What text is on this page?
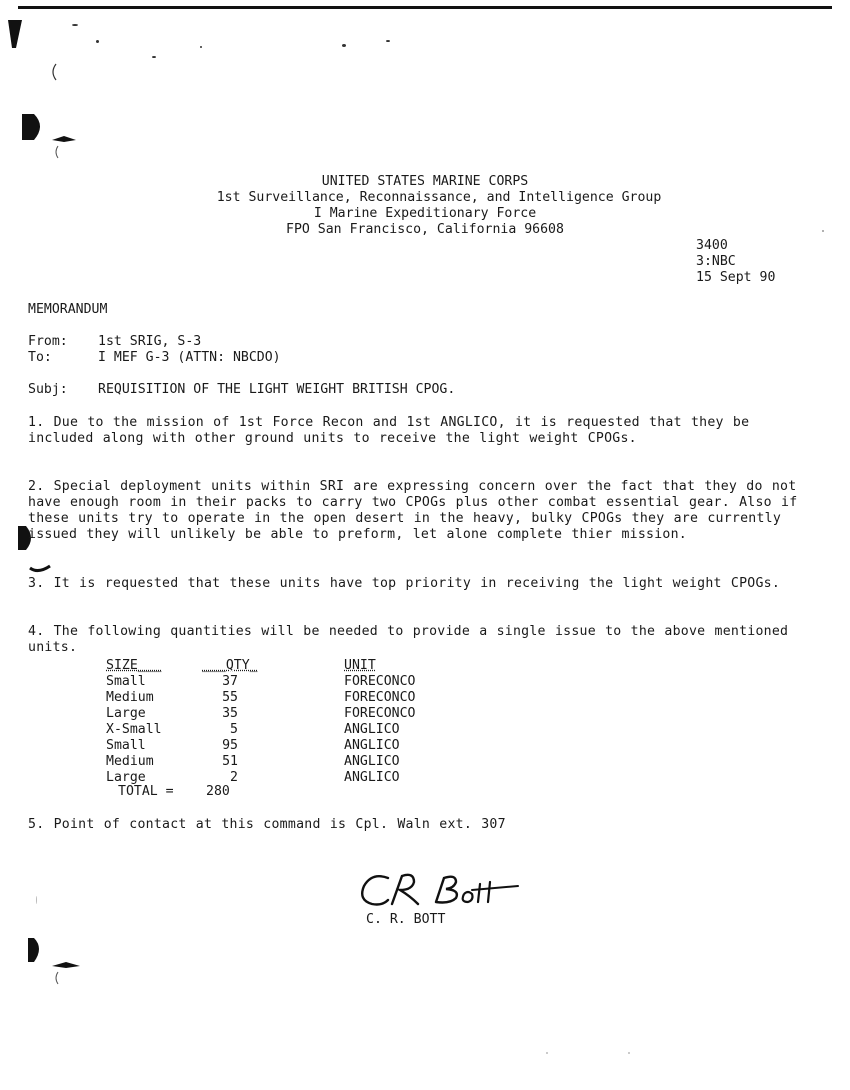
UNITED STATES MARINE CORPS
1st Surveillance, Reconnaissance, and Intelligence Group
I Marine Expeditionary Force
FPO San Francisco, California 96608
3400
3:NBC
15 Sept 90
MEMORANDUM
From: 1st SRIG, S-3
To:	I MEF G-3 (ATTN: NBCDO)
Subj: REQUISITION OF THE LIGHT WEIGHT BRITISH CPOG.
1. Due to the mission of 1st Force Recon and 1st ANGLICO, it is requested that they be included along with other ground units to receive the light weight CPOGs.
2. Special deployment units within SRI are expressing concern over the fact that they do not have enough room in their packs to carry two CPOGs plus other combat essential gear. Also if these units try to operate in the open desert in the heavy, bulky CPOGs they are currently issued they will unlikely be able to preform, let alone complete thier mission.
3. It is requested that these units have top priority in receiving the light weight CPOGs.
4. The following quantities will be needed to provide a single issue to the above mentioned units.
SIZE___	___QTY_	UNIT
Small	37	FORECONCO
Medium	55	FORECONCO
Large	35	FORECONCO
X-Small	5	ANGLICO
Small	95	ANGLICO
Medium	51	ANGLICO
Large	2	ANGLICO
TOTAL = 280
5. Point of contact at this command is Cpl. Waln ext. 307
C. R. BOTT
